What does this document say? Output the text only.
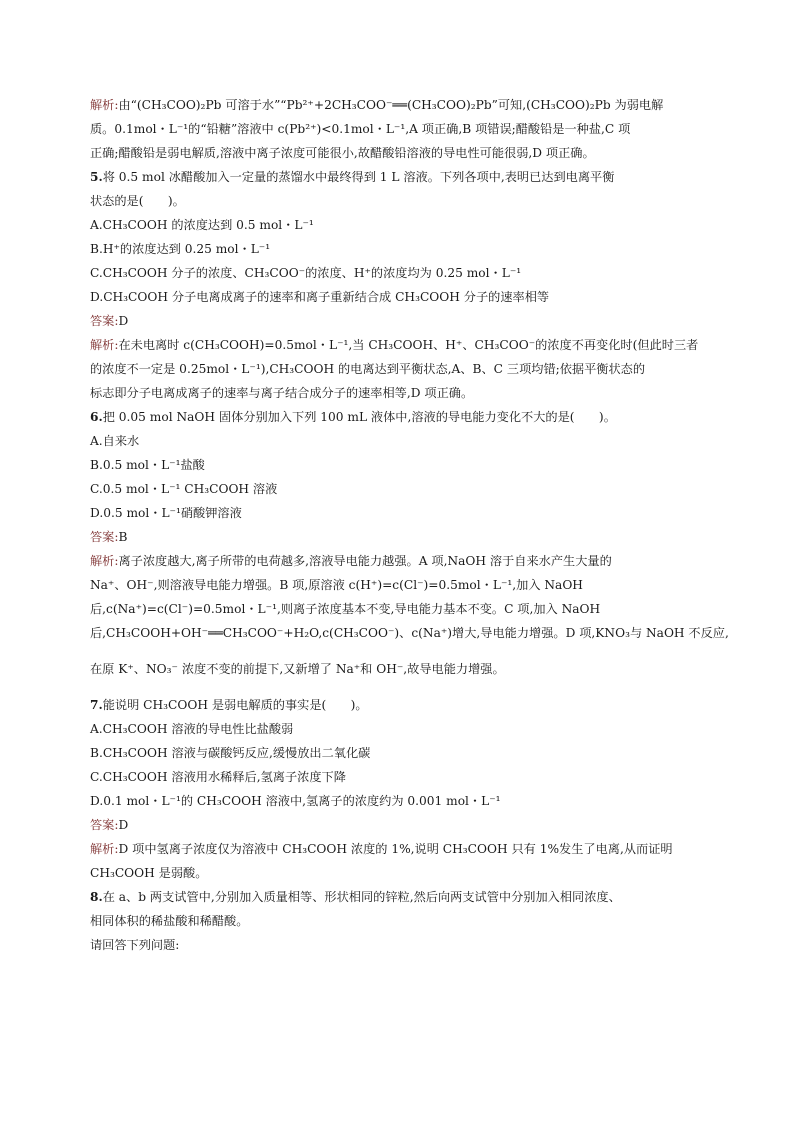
解析:由“(CH₃COO)₂Pb 可溶于水”“Pb²⁺+2CH₃COO⁻══(CH₃COO)₂Pb”可知,(CH₃COO)₂Pb 为弱电解
质。0.1mol・L⁻¹的“铅糖”溶液中 c(Pb²⁺)<0.1mol・L⁻¹,A 项正确,B 项错误;醋酸铅是一种盐,C 项
正确;醋酸铅是弱电解质,溶液中离子浓度可能很小,故醋酸铅溶液的导电性可能很弱,D 项正确。
5.将 0.5 mol 冰醋酸加入一定量的蒸馏水中最终得到 1 L 溶液。下列各项中,表明已达到电离平衡
状态的是(　　)。
A.CH₃COOH 的浓度达到 0.5 mol・L⁻¹
B.H⁺的浓度达到 0.25 mol・L⁻¹
C.CH₃COOH 分子的浓度、CH₃COO⁻的浓度、H⁺的浓度均为 0.25 mol・L⁻¹
D.CH₃COOH 分子电离成离子的速率和离子重新结合成 CH₃COOH 分子的速率相等
答案:D
解析:在未电离时 c(CH₃COOH)=0.5mol・L⁻¹,当 CH₃COOH、H⁺、CH₃COO⁻的浓度不再变化时(但此时三者
的浓度不一定是 0.25mol・L⁻¹),CH₃COOH 的电离达到平衡状态,A、B、C 三项均错;依据平衡状态的
标志即分子电离成离子的速率与离子结合成分子的速率相等,D 项正确。
6.把 0.05 mol NaOH 固体分别加入下列 100 mL 液体中,溶液的导电能力变化不大的是(　　)。
A.自来水
B.0.5 mol・L⁻¹盐酸
C.0.5 mol・L⁻¹ CH₃COOH 溶液
D.0.5 mol・L⁻¹硝酸钾溶液
答案:B
解析:离子浓度越大,离子所带的电荷越多,溶液导电能力越强。A 项,NaOH 溶于自来水产生大量的
Na⁺、OH⁻,则溶液导电能力增强。B 项,原溶液 c(H⁺)=c(Cl⁻)=0.5mol・L⁻¹,加入 NaOH
后,c(Na⁺)=c(Cl⁻)=0.5mol・L⁻¹,则离子浓度基本不变,导电能力基本不变。C 项,加入 NaOH
后,CH₃COOH+OH⁻══CH₃COO⁻+H₂O,c(CH₃COO⁻)、c(Na⁺)增大,导电能力增强。D 项,KNO₃与 NaOH 不反应,
在原 K⁺、NO₃⁻ 浓度不变的前提下,又新增了 Na⁺和 OH⁻,故导电能力增强。
7.能说明 CH₃COOH 是弱电解质的事实是(　　)。
A.CH₃COOH 溶液的导电性比盐酸弱
B.CH₃COOH 溶液与碳酸钙反应,缓慢放出二氧化碳
C.CH₃COOH 溶液用水稀释后,氢离子浓度下降
D.0.1 mol・L⁻¹的 CH₃COOH 溶液中,氢离子的浓度约为 0.001 mol・L⁻¹
答案:D
解析:D 项中氢离子浓度仅为溶液中 CH₃COOH 浓度的 1%,说明 CH₃COOH 只有 1%发生了电离,从而证明
CH₃COOH 是弱酸。
8.在 a、b 两支试管中,分别加入质量相等、形状相同的锌粒,然后向两支试管中分别加入相同浓度、
相同体积的稀盐酸和稀醋酸。
请回答下列问题:
